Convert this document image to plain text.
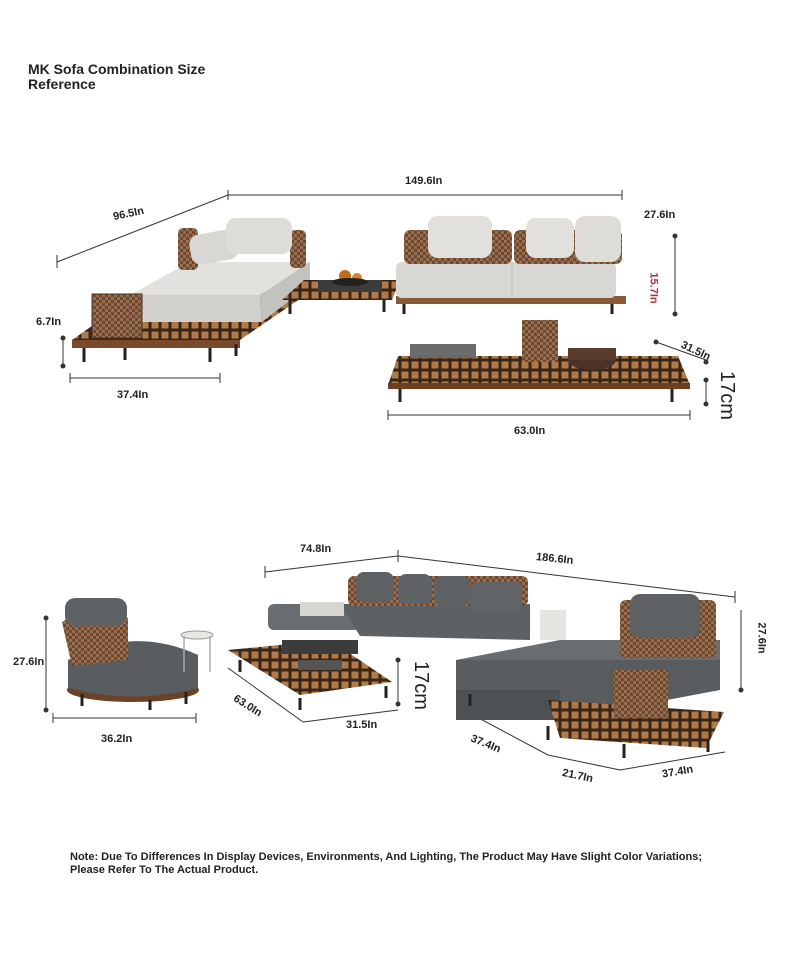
MK Sofa Combination Size
Reference
149.6In
96.5In	27.6In
15.7In
6.7In
37.4In
31.5In
17cm
63.0In
74.8In
186.6In
27.6In
27.6In
36.2In
63.0In
31.5In
17cm
37.4In
21.7In	37.4In
Note: Due To Differences In Display Devices, Environments, And Lighting, The Product May Have Slight Color Variations;
Please Refer To The Actual Product.
